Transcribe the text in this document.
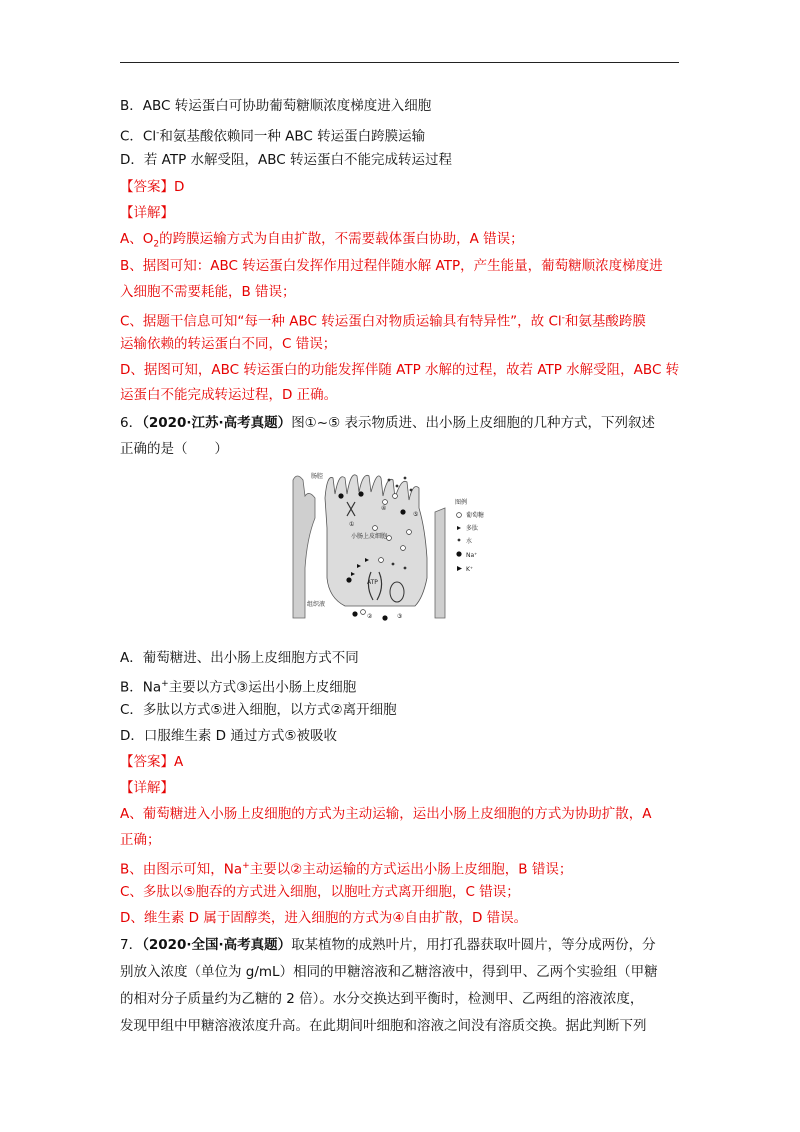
B．ABC 转运蛋白可协助葡萄糖顺浓度梯度进入细胞
C．Cl-和氨基酸依赖同一种 ABC 转运蛋白跨膜运输
D．若 ATP 水解受阻，ABC 转运蛋白不能完成转运过程
【答案】D
【详解】
A、$O_2$的跨膜运输方式为自由扩散，不需要载体蛋白协助，A 错误；
B、据图可知：ABC 转运蛋白发挥作用过程伴随水解 ATP，产生能量，葡萄糖顺浓度梯度进
入细胞不需要耗能，B 错误；
C、据题干信息可知“每一种 ABC 转运蛋白对物质运输具有特异性”，故 Cl-和氨基酸跨膜
运输依赖的转运蛋白不同，C 错误；
D、据图可知，ABC 转运蛋白的功能发挥伴随 ATP 水解的过程，故若 ATP 水解受阻，ABC 转
运蛋白不能完成转运过程，D 正确。
6．（2020·江苏·高考真题）图①~⑤ 表示物质进、出小肠上皮细胞的几种方式，下列叙述
正确的是（　　）
①
②	③
④
⑤
肠腔
小肠上皮细胞
组织液
ATP
图例
葡萄糖
多肽
水
Na⁺
K⁺
A．葡萄糖进、出小肠上皮细胞方式不同
B．Na+主要以方式③运出小肠上皮细胞
C．多肽以方式⑤进入细胞，以方式②离开细胞
D．口服维生素 D 通过方式⑤被吸收
【答案】A
【详解】
A、葡萄糖进入小肠上皮细胞的方式为主动运输，运出小肠上皮细胞的方式为协助扩散，A
正确；
B、由图示可知，Na+主要以②主动运输的方式运出小肠上皮细胞，B 错误；
C、多肽以⑤胞吞的方式进入细胞，以胞吐方式离开细胞，C 错误；
D、维生素 D 属于固醇类，进入细胞的方式为④自由扩散，D 错误。
7．（2020·全国·高考真题）取某植物的成熟叶片，用打孔器获取叶圆片，等分成两份，分
别放入浓度（单位为 g/mL）相同的甲糖溶液和乙糖溶液中，得到甲、乙两个实验组（甲糖
的相对分子质量约为乙糖的 2 倍）。水分交换达到平衡时，检测甲、乙两组的溶液浓度，
发现甲组中甲糖溶液浓度升高。在此期间叶细胞和溶液之间没有溶质交换。据此判断下列
